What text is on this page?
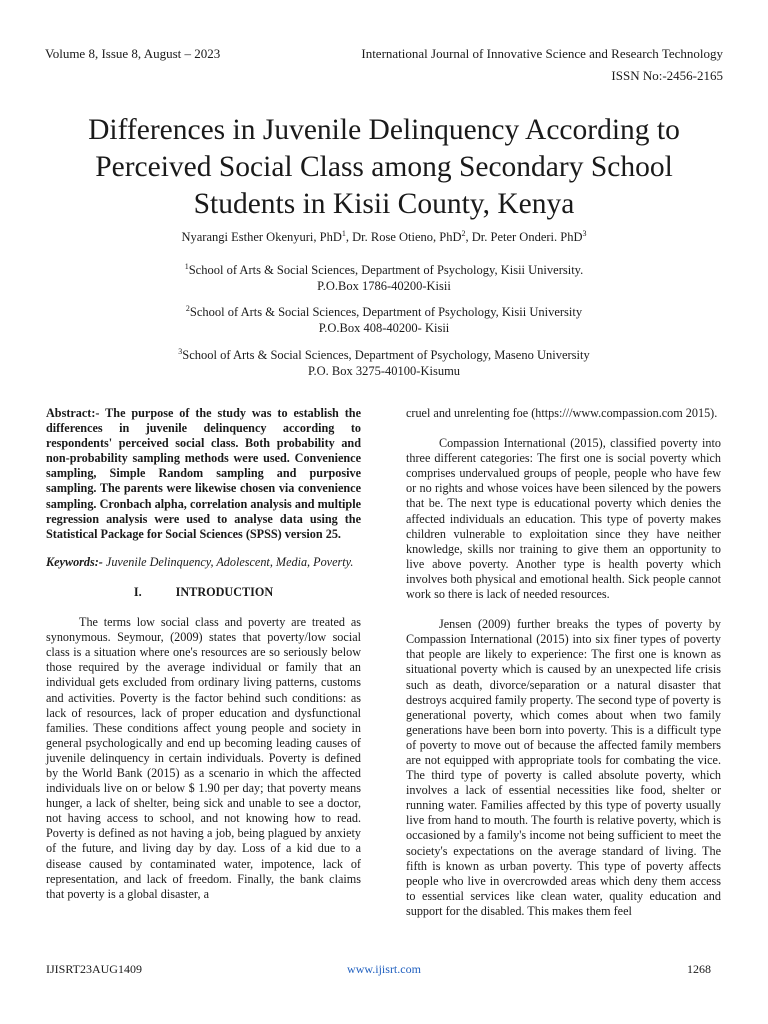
Volume 8, Issue 8, August – 2023	International Journal of Innovative Science and Research Technology
ISSN No:-2456-2165
Differences in Juvenile Delinquency According to
Perceived Social Class among Secondary School
Students in Kisii County, Kenya
Nyarangi Esther Okenyuri, PhD$^1$, Dr. Rose Otieno, PhD$^2$, Dr. Peter Onderi. PhD$^3$
$^1$School of Arts & Social Sciences, Department of Psychology, Kisii University.
P.O.Box 1786-40200-Kisii
$^2$School of Arts & Social Sciences, Department of Psychology, Kisii University
P.O.Box 408-40200- Kisii
$^3$School of Arts & Social Sciences, Department of Psychology, Maseno University
P.O. Box 3275-40100-Kisumu

Abstract:- The purpose of the study was to establish the differences in juvenile delinquency according to respondents' perceived social class. Both probability and non-probability sampling methods were used. Convenience sampling, Simple Random sampling and purposive sampling. The parents were likewise chosen via convenience sampling. Cronbach alpha, correlation analysis and multiple regression analysis were used to analyse data using the Statistical Package for Social Sciences (SPSS) version 25.

Keywords:- Juvenile Delinquency, Adolescent, Media, Poverty.

I.	INTRODUCTION

The terms low social class and poverty are treated as synonymous. Seymour, (2009) states that poverty/low social class is a situation where one's resources are so seriously below those required by the average individual or family that an individual gets excluded from ordinary living patterns, customs and activities. Poverty is the factor behind such conditions: as lack of resources, lack of proper education and dysfunctional families. These conditions affect young people and society in general psychologically and end up becoming leading causes of juvenile delinquency in certain individuals. Poverty is defined by the World Bank (2015) as a scenario in which the affected individuals live on or below $ 1.90 per day; that poverty means hunger, a lack of shelter, being sick and unable to see a doctor, not having access to school, and not knowing how to read. Poverty is defined as not having a job, being plagued by anxiety of the future, and living day by day. Loss of a kid due to a disease caused by contaminated water, impotence, lack of representation, and lack of freedom. Finally, the bank claims that poverty is a global disaster, a

cruel and unrelenting foe (https:///www.compassion.com 2015).

Compassion International (2015), classified poverty into three different categories: The first one is social poverty which comprises undervalued groups of people, people who have few or no rights and whose voices have been silenced by the powers that be. The next type is educational poverty which denies the affected individuals an education. This type of poverty makes children vulnerable to exploitation since they have neither knowledge, skills nor training to give them an opportunity to live above poverty. Another type is health poverty which involves both physical and emotional health. Sick people cannot work so there is lack of needed resources.

Jensen (2009) further breaks the types of poverty by Compassion International (2015) into six finer types of poverty that people are likely to experience: The first one is known as situational poverty which is caused by an unexpected life crisis such as death, divorce/separation or a natural disaster that destroys acquired family property. The second type of poverty is generational poverty, which comes about when two family generations have been born into poverty. This is a difficult type of poverty to move out of because the affected family members are not equipped with appropriate tools for combating the vice. The third type of poverty is called absolute poverty, which involves a lack of essential necessities like food, shelter or running water. Families affected by this type of poverty usually live from hand to mouth. The fourth is relative poverty, which is occasioned by a family's income not being sufficient to meet the society's expectations on the average standard of living. The fifth is known as urban poverty. This type of poverty affects people who live in overcrowded areas which deny them access to essential services like clean water, quality education and support for the disabled. This makes them feel

IJISRT23AUG1409	www.ijisrt.com	1268
